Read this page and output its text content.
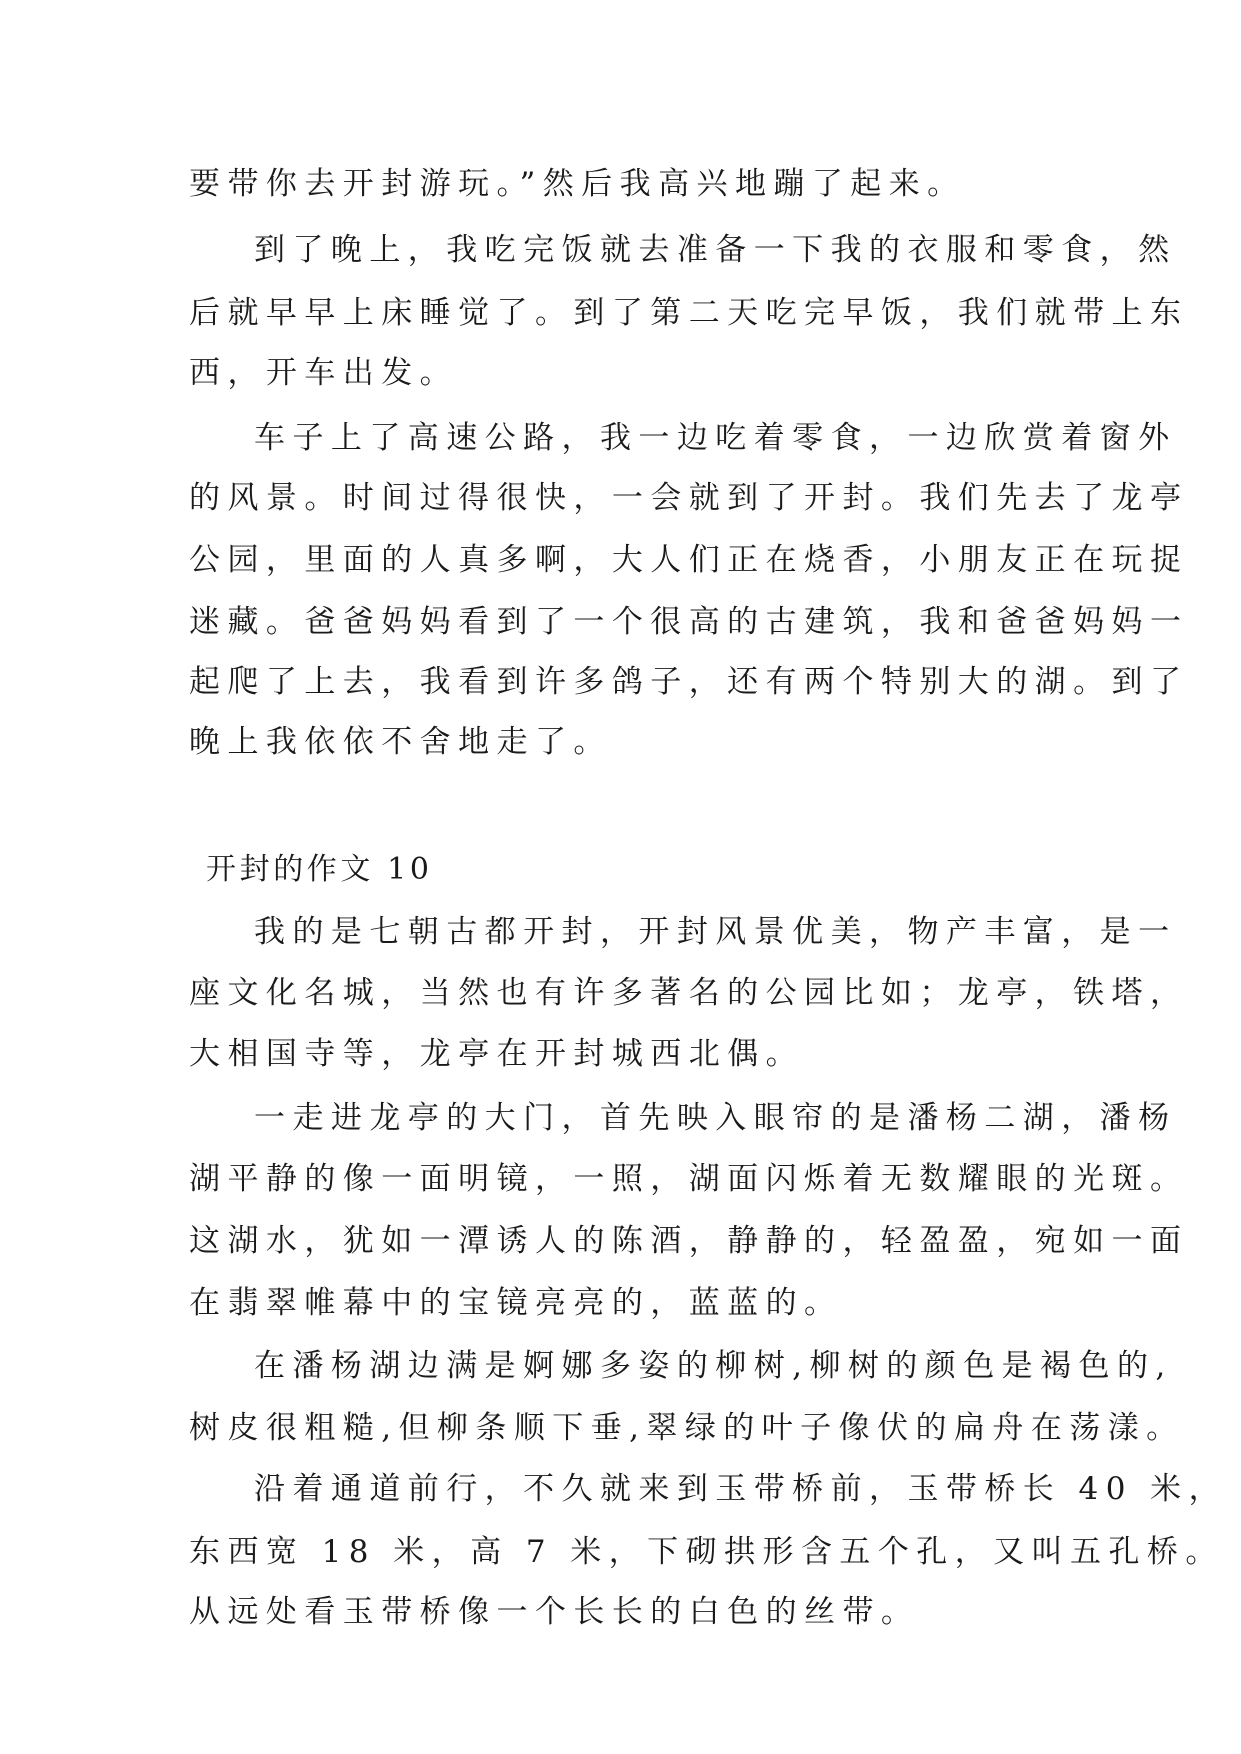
要带你去开封游玩。”然后我高兴地蹦了起来。
到了晚上，我吃完饭就去准备一下我的衣服和零食，然
后就早早上床睡觉了。到了第二天吃完早饭，我们就带上东
西，开车出发。
车子上了高速公路，我一边吃着零食，一边欣赏着窗外
的风景。时间过得很快，一会就到了开封。我们先去了龙亭
公园，里面的人真多啊，大人们正在烧香，小朋友正在玩捉
迷藏。爸爸妈妈看到了一个很高的古建筑，我和爸爸妈妈一
起爬了上去，我看到许多鸽子，还有两个特别大的湖。到了
晚上我依依不舍地走了。
开封的作文 10
我的是七朝古都开封，开封风景优美，物产丰富，是一
座文化名城，当然也有许多著名的公园比如；龙亭，铁塔，
大相国寺等，龙亭在开封城西北偶。
一走进龙亭的大门，首先映入眼帘的是潘杨二湖，潘杨
湖平静的像一面明镜，一照，湖面闪烁着无数耀眼的光斑。
这湖水，犹如一潭诱人的陈酒，静静的，轻盈盈，宛如一面
在翡翠帷幕中的宝镜亮亮的，蓝蓝的。
在潘杨湖边满是婀娜多姿的柳树,柳树的颜色是褐色的,
树皮很粗糙,但柳条顺下垂,翠绿的叶子像伏的扁舟在荡漾。
沿着通道前行，不久就来到玉带桥前，玉带桥长 40 米，
东西宽 18 米，高 7 米，下砌拱形含五个孔，又叫五孔桥。
从远处看玉带桥像一个长长的白色的丝带。
